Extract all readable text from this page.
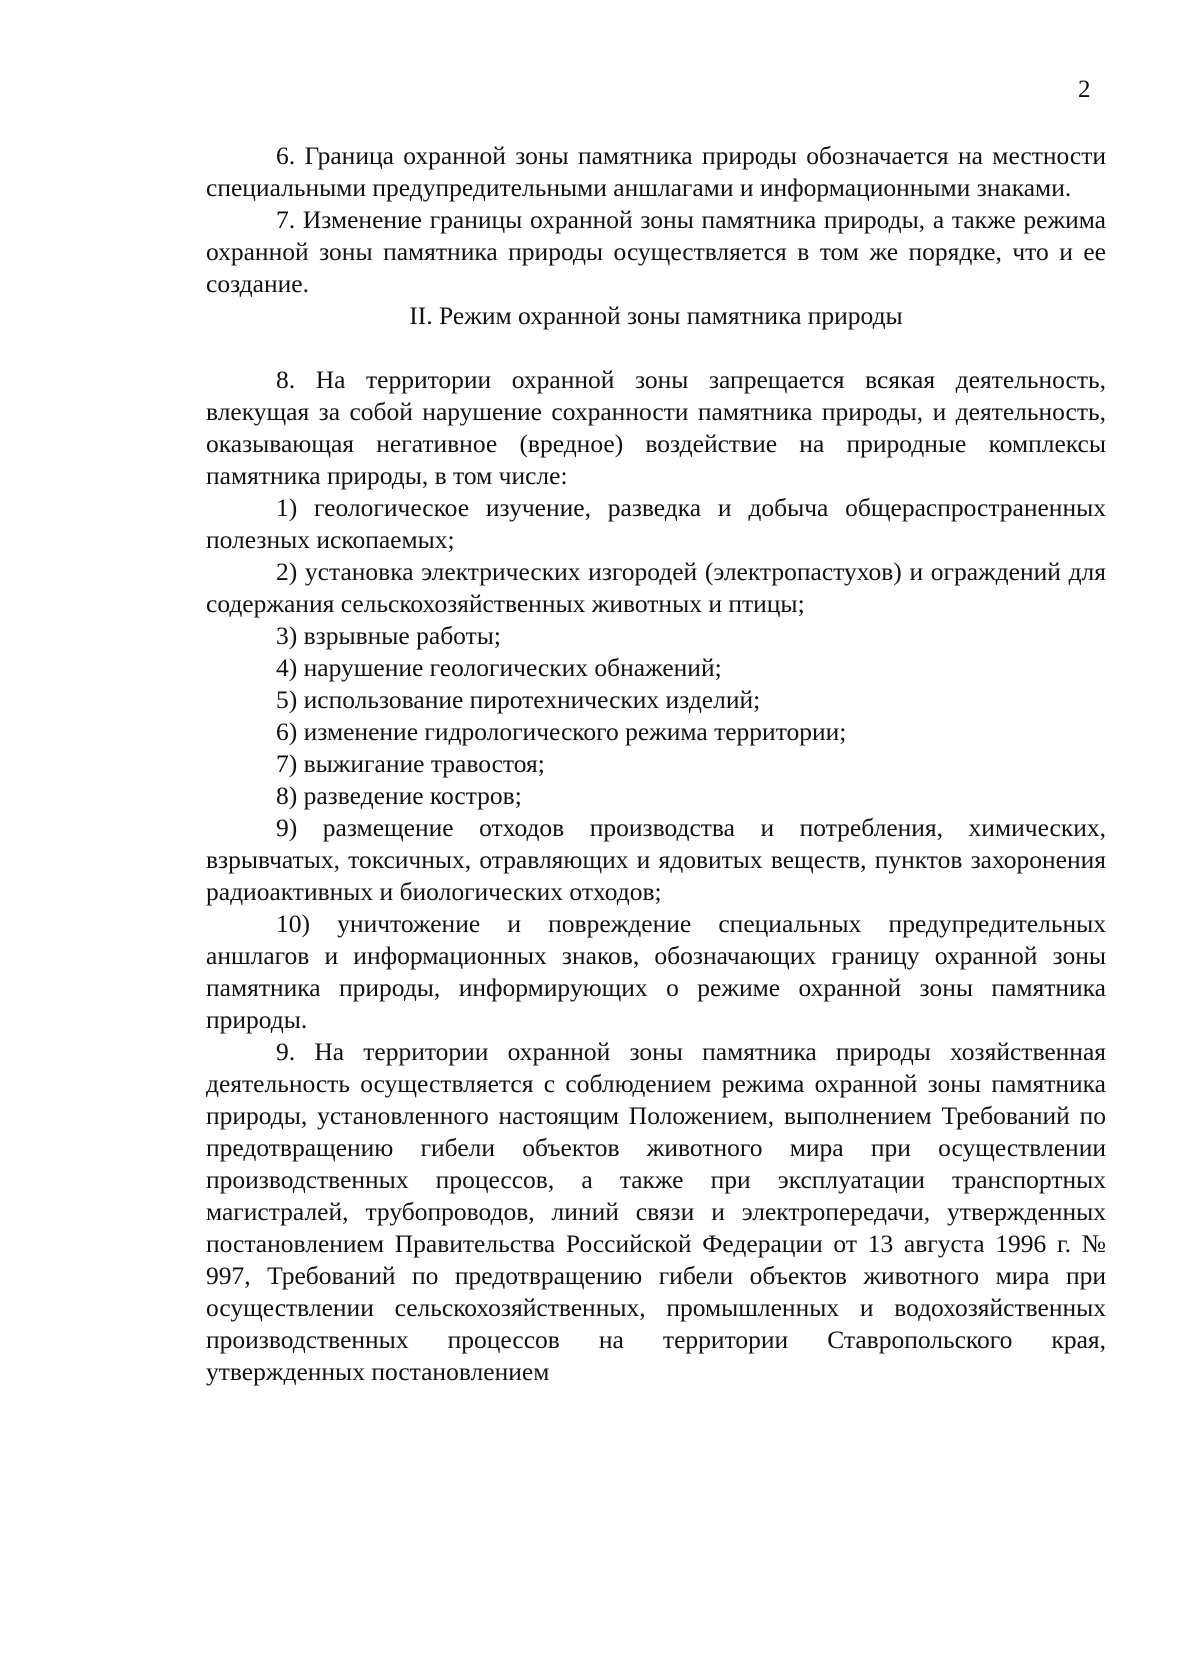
2

6. Граница охранной зоны памятника природы обозначается на местности специальными предупредительными аншлагами и информационными знаками.

7. Изменение границы охранной зоны памятника природы, а также режима охранной зоны памятника природы осуществляется в том же порядке, что и ее создание.

II. Режим охранной зоны памятника природы

8. На территории охранной зоны запрещается всякая деятельность, влекущая за собой нарушение сохранности памятника природы, и деятельность, оказывающая негативное (вредное) воздействие на природные комплексы памятника природы, в том числе:

1) геологическое изучение, разведка и добыча общераспространенных полезных ископаемых;
2) установка электрических изгородей (электропастухов) и ограждений для содержания сельскохозяйственных животных и птицы;
3) взрывные работы;
4) нарушение геологических обнажений;
5) использование пиротехнических изделий;
6) изменение гидрологического режима территории;
7) выжигание травостоя;
8) разведение костров;
9) размещение отходов производства и потребления, химических, взрывчатых, токсичных, отравляющих и ядовитых веществ, пунктов захоронения радиоактивных и биологических отходов;
10) уничтожение и повреждение специальных предупредительных аншлагов и информационных знаков, обозначающих границу охранной зоны памятника природы, информирующих о режиме охранной зоны памятника природы.

9. На территории охранной зоны памятника природы хозяйственная деятельность осуществляется с соблюдением режима охранной зоны памятника природы, установленного настоящим Положением, выполнением Требований по предотвращению гибели объектов животного мира при осуществлении производственных процессов, а также при эксплуатации транспортных магистралей, трубопроводов, линий связи и электропередачи, утвержденных постановлением Правительства Российской Федерации от 13 августа 1996 г. № 997, Требований по предотвращению гибели объектов животного мира при осуществлении сельскохозяйственных, промышленных и водохозяйственных производственных процессов на территории Ставропольского края, утвержденных постановлением
